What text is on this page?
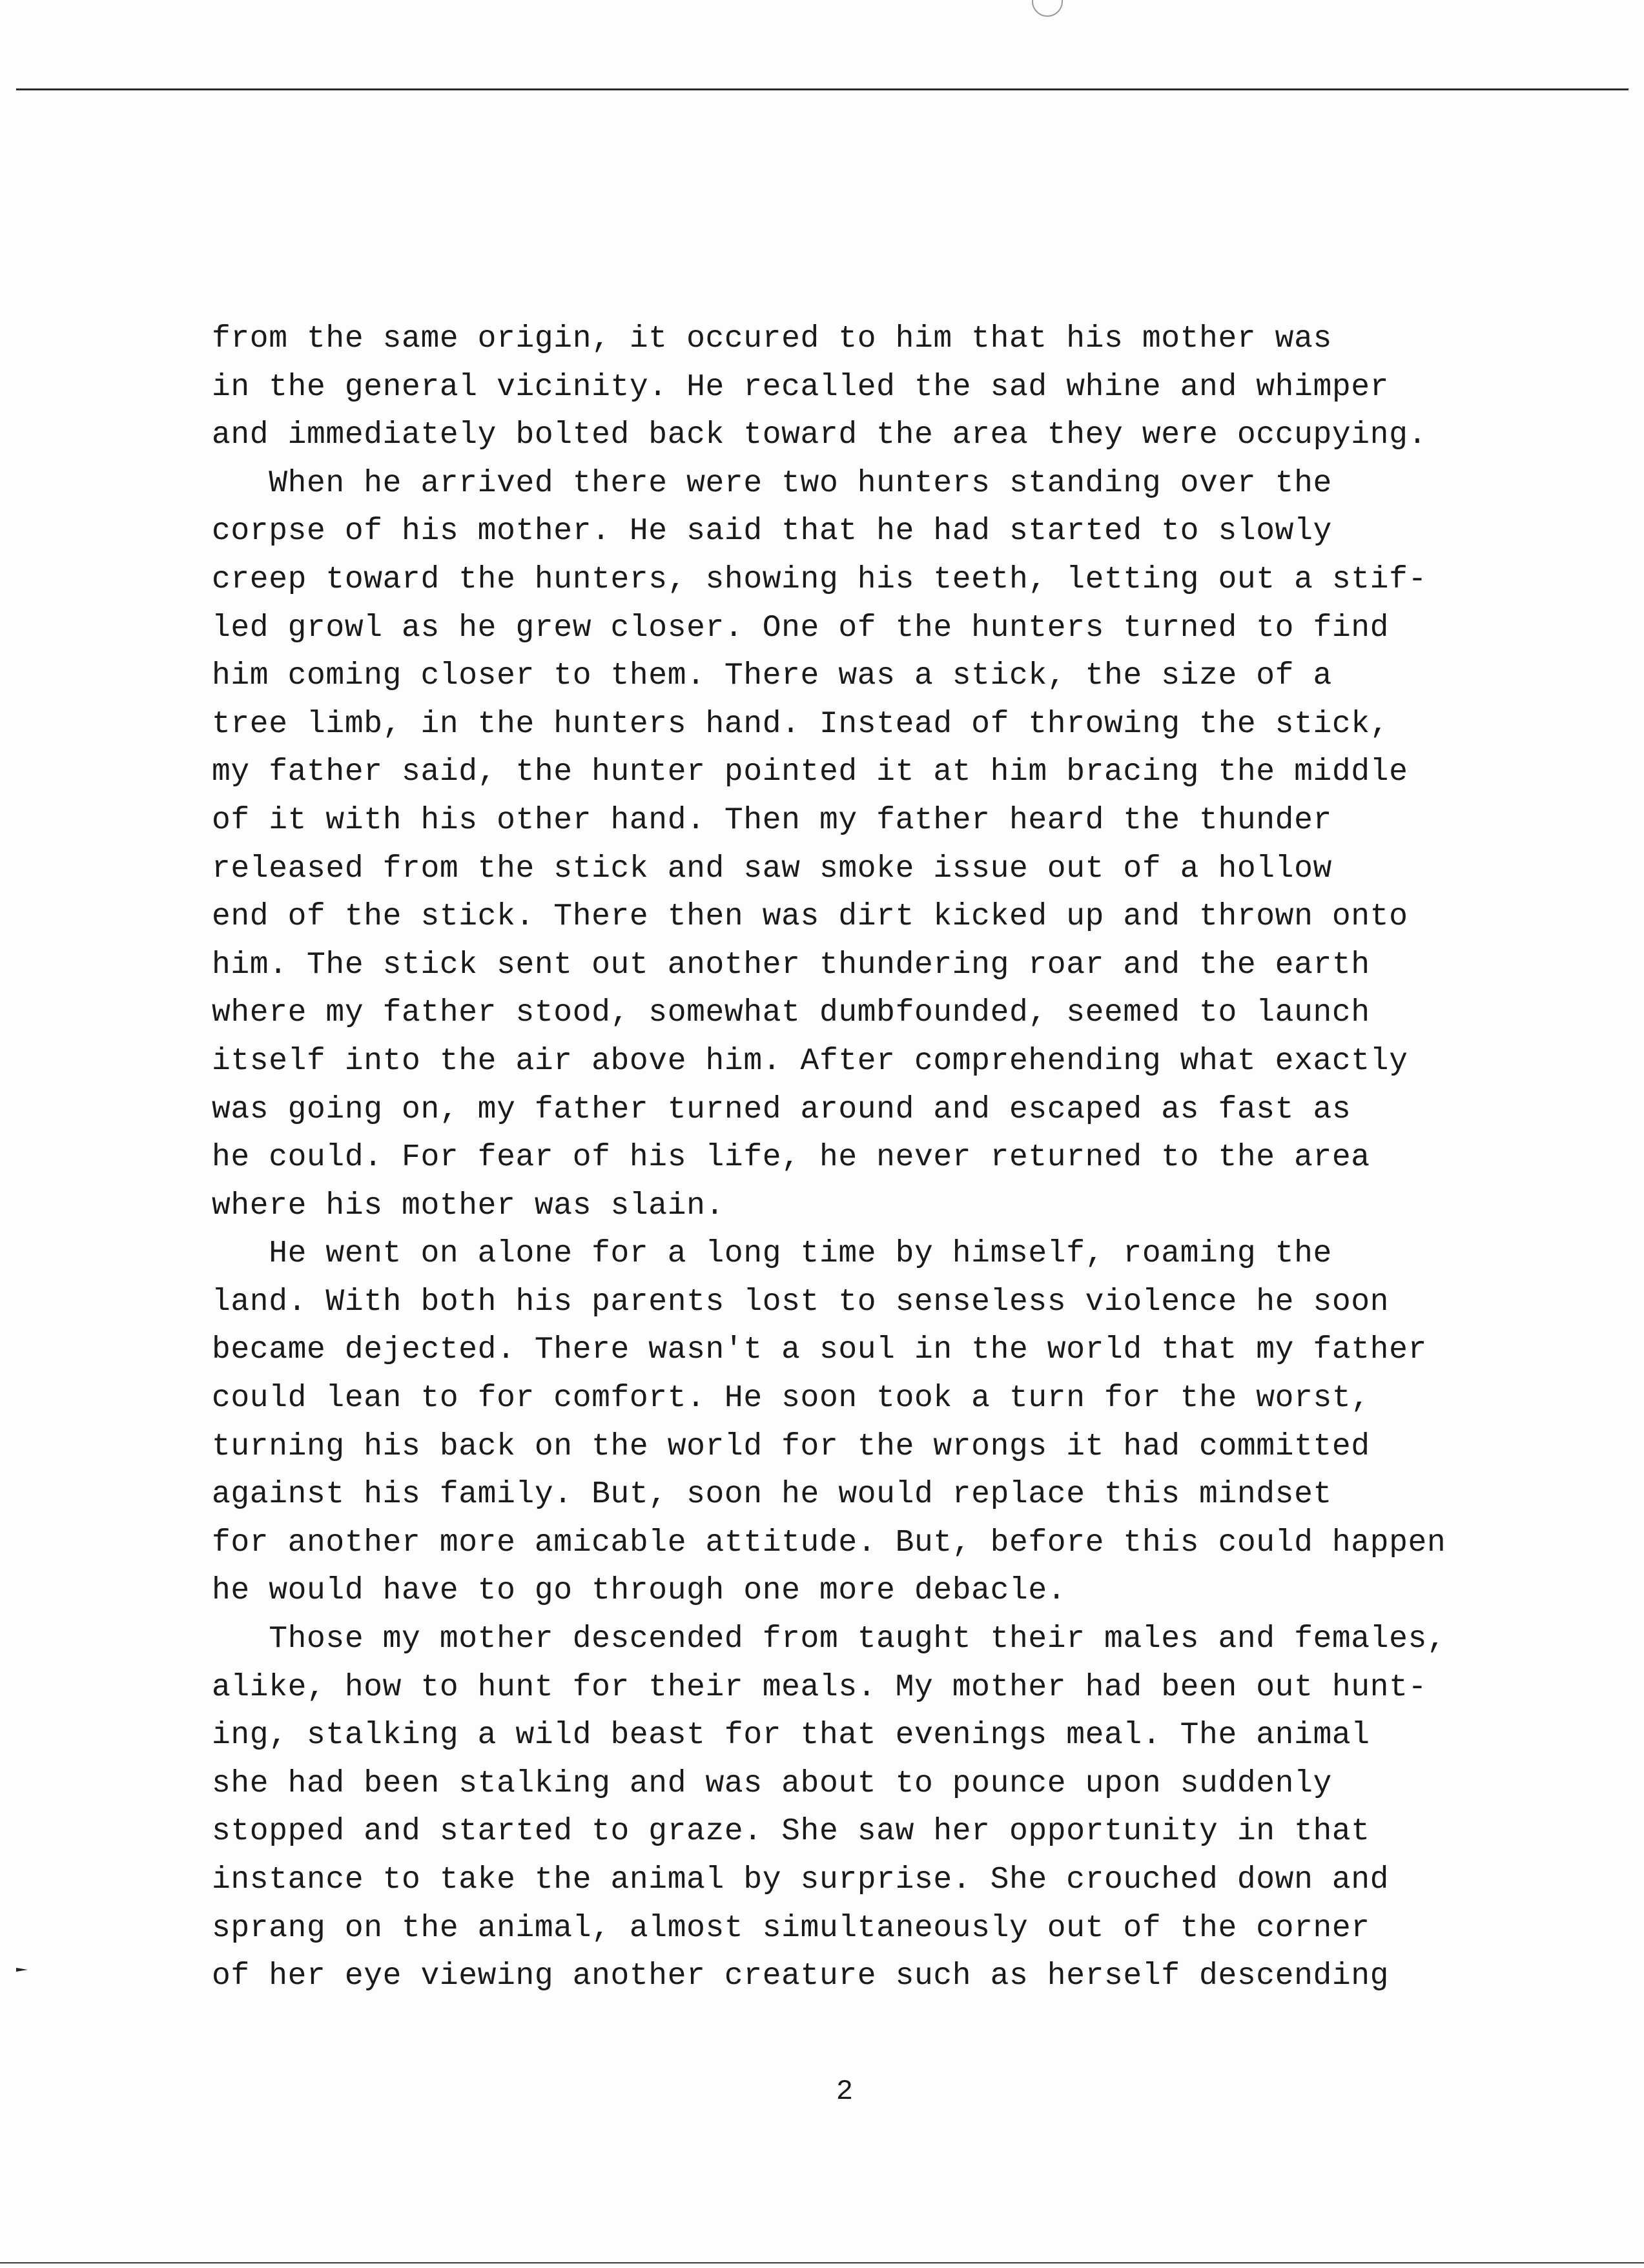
from the same origin, it occured to him that his mother was
in the general vicinity. He recalled the sad whine and whimper
and immediately bolted back toward the area they were occupying.
When he arrived there were two hunters standing over the
corpse of his mother. He said that he had started to slowly
creep toward the hunters, showing his teeth, letting out a stif-
led growl as he grew closer. One of the hunters turned to find
him coming closer to them. There was a stick, the size of a
tree limb, in the hunters hand. Instead of throwing the stick,
my father said, the hunter pointed it at him bracing the middle
of it with his other hand. Then my father heard the thunder
released from the stick and saw smoke issue out of a hollow
end of the stick. There then was dirt kicked up and thrown onto
him. The stick sent out another thundering roar and the earth
where my father stood, somewhat dumbfounded, seemed to launch
itself into the air above him. After comprehending what exactly
was going on, my father turned around and escaped as fast as
he could. For fear of his life, he never returned to the area
where his mother was slain.
He went on alone for a long time by himself, roaming the
land. With both his parents lost to senseless violence he soon
became dejected. There wasn't a soul in the world that my father
could lean to for comfort. He soon took a turn for the worst,
turning his back on the world for the wrongs it had committed
against his family. But, soon he would replace this mindset
for another more amicable attitude. But, before this could happen
he would have to go through one more debacle.
Those my mother descended from taught their males and females,
alike, how to hunt for their meals. My mother had been out hunt-
ing, stalking a wild beast for that evenings meal. The animal
she had been stalking and was about to pounce upon suddenly
stopped and started to graze. She saw her opportunity in that
instance to take the animal by surprise. She crouched down and
sprang on the animal, almost simultaneously out of the corner
of her eye viewing another creature such as herself descending
2
